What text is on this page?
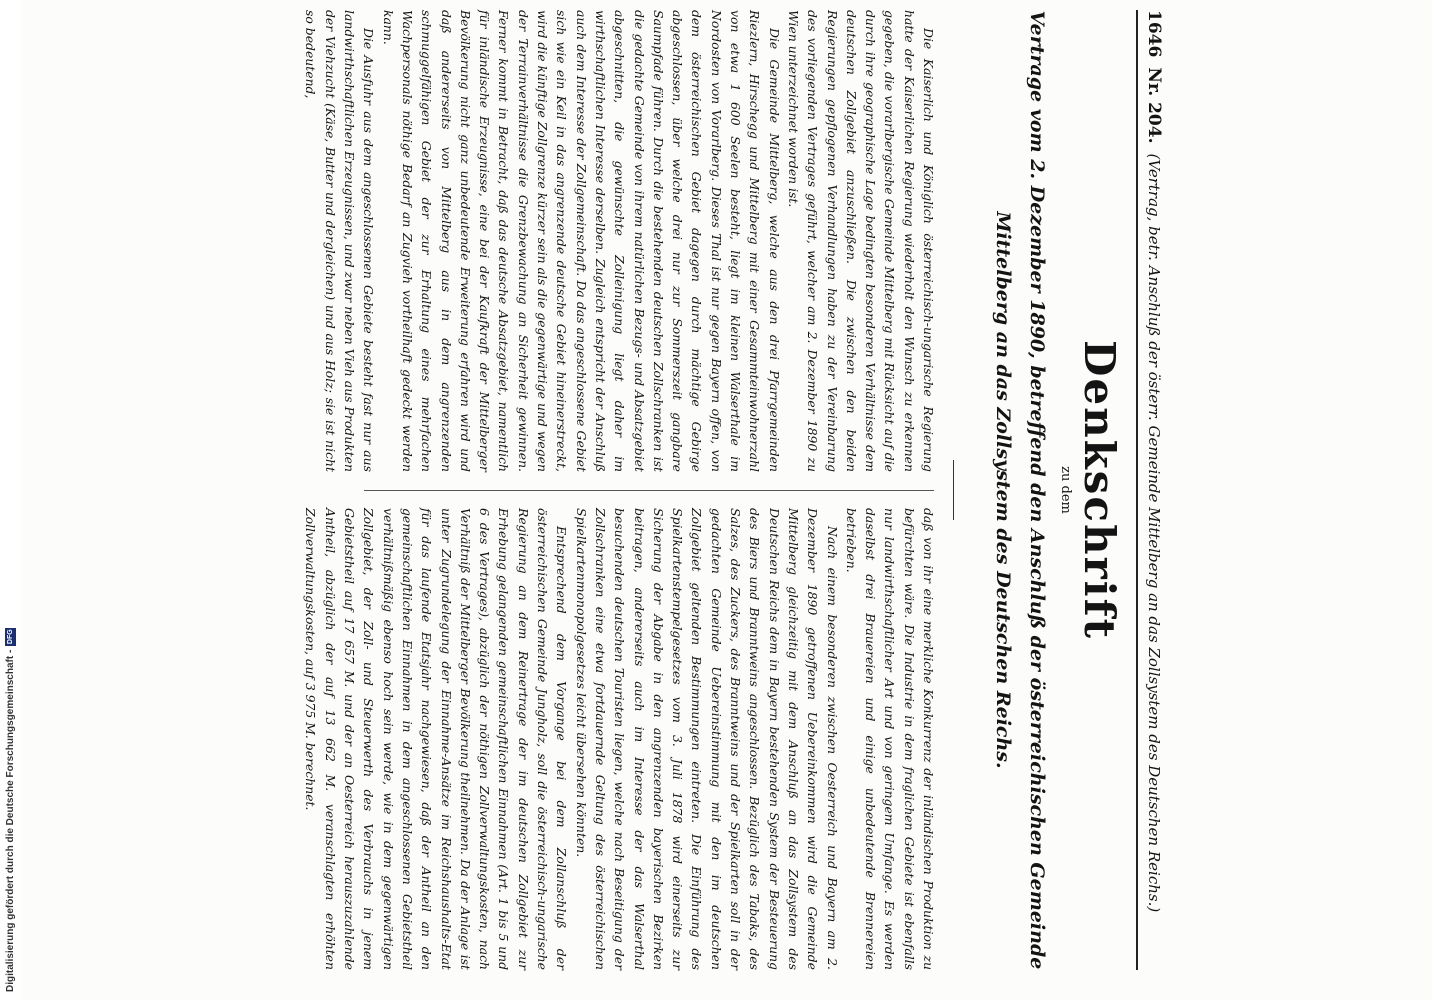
Digitalisierung gefördert durch die Deutsche Forschungsgemeinschaft -
DFG
1646
Nr. 204.
(Vertrag, betr. Anschluß der österr. Gemeinde Mittelberg an das Zollsystem des Deutschen Reichs.)
Denkschrift
zu dem
Vertrage vom 2. Dezember 1890, betreffend den Anschluß der österreichischen Gemeinde
Mittelberg an das Zollsystem des Deutschen Reichs.

Die Kaiserlich und Königlich österreichisch-ungarische Regierung hatte der Kaiserlichen Regierung wiederholt den Wunsch zu erkennen gegeben, die vorarlbergische Gemeinde Mittelberg mit Rücksicht auf die durch ihre geographische Lage bedingten besonderen Verhältnisse dem deutschen Zollgebiet anzuschließen. Die zwischen den beiden Regierungen gepflogenen Verhandlungen haben zu der Vereinbarung des vorliegenden Vertrages geführt, welcher am 2. Dezember 1890 zu Wien unterzeichnet worden ist.

Die Gemeinde Mittelberg, welche aus den drei Pfarrgemeinden Riezlern, Hirschegg und Mittelberg mit einer Gesammteinwohnerzahl von etwa 1 600 Seelen besteht, liegt im kleinen Walserthale im Nordosten von Vorarlberg. Dieses Thal ist nur gegen Bayern offen, von dem österreichischen Gebiet dagegen durch mächtige Gebirge abgeschlossen, über welche drei nur zur Sommerszeit gangbare Saumpfade führen. Durch die bestehenden deutschen Zollschranken ist die gedachte Gemeinde von ihrem natürlichen Bezugs- und Absatzgebiet abgeschnitten, die gewünschte Zolleinigung liegt daher im wirthschaftlichen Interesse derselben. Zugleich entspricht der Anschluß auch dem Interesse der Zollgemeinschaft. Da das angeschlossene Gebiet sich wie ein Keil in das angrenzende deutsche Gebiet hineinerstreckt, wird die künftige Zollgrenze kürzer sein als die gegenwärtige und wegen der Terrainverhältnisse die Grenzbewachung an Sicherheit gewinnen. Ferner kommt in Betracht, daß das deutsche Absatzgebiet, namentlich für inländische Erzeugnisse, eine bei der Kaufkraft der Mittelberger Bevölkerung nicht ganz unbedeutende Erweiterung erfahren wird und daß andererseits von Mittelberg aus in dem angrenzenden schmuggelfähigen Gebiet der zur Erhaltung eines mehrfachen Wachpersonals nöthige Bedarf an Zugvieh vortheilhaft gedeckt werden kann.

Die Ausfuhr aus dem angeschlossenen Gebiete besteht fast nur aus landwirthschaftlichen Erzeugnissen, und zwar neben Vieh aus Produkten der Viehzucht (Käse, Butter und dergleichen) und aus Holz; sie ist nicht so bedeutend,

daß von ihr eine merkliche Konkurrenz der inländischen Produktion zu befürchten wäre. Die Industrie in dem fraglichen Gebiete ist ebenfalls nur landwirthschaftlicher Art und von geringem Umfange. Es werden daselbst drei Brauereien und einige unbedeutende Brennereien betrieben.

Nach einem besonderen zwischen Oesterreich und Bayern am 2. Dezember 1890 getroffenen Uebereinkommen wird die Gemeinde Mittelberg gleichzeitig mit dem Anschluß an das Zollsystem des Deutschen Reichs dem in Bayern bestehenden System der Besteuerung des Biers und Branntweins angeschlossen. Bezüglich des Tabaks, des Salzes, des Zuckers, des Branntweins und der Spielkarten soll in der gedachten Gemeinde Uebereinstimmung mit den im deutschen Zollgebiet geltenden Bestimmungen eintreten. Die Einführung des Spielkartenstempelgesetzes vom 3. Juli 1878 wird einerseits zur Sicherung der Abgabe in den angrenzenden bayerischen Bezirken beitragen, andererseits auch im Interesse der das Walserthal besuchenden deutschen Touristen liegen, welche nach Beseitigung der Zollschranken eine etwa fortdauernde Geltung des österreichischen Spielkartenmonopolgesetzes leicht übersehen könnten.

Entsprechend dem Vorgange bei dem Zollanschluß der österreichischen Gemeinde Jungholz, soll die österreichisch-ungarische Regierung an dem Reinertrage der im deutschen Zollgebiet zur Erhebung gelangenden gemeinschaftlichen Einnahmen (Art. 1 bis 5 und 6 des Vertrages), abzüglich der nöthigen Zollverwaltungskosten, nach Verhältniß der Mittelberger Bevölkerung theilnehmen. Da der Anlage ist unter Zugrundelegung der Einnahme-Ansätze im Reichshaushalts-Etat für das laufende Etatsjahr nachgewiesen, daß der Antheil an den gemeinschaftlichen Einnahmen in dem angeschlossenen Gebietstheil verhältnißmäßig ebenso hoch sein werde, wie in dem gegenwärtigen Zollgebiet, der Zoll- und Steuerwerth des Verbrauchs in jenem Gebietstheil auf 17 657 M. und der an Oesterreich herauszuzahlende Antheil, abzüglich der auf 13 662 M. veranschlagten erhöhten Zollverwaltungskosten, auf 3 975 M. berechnet.
